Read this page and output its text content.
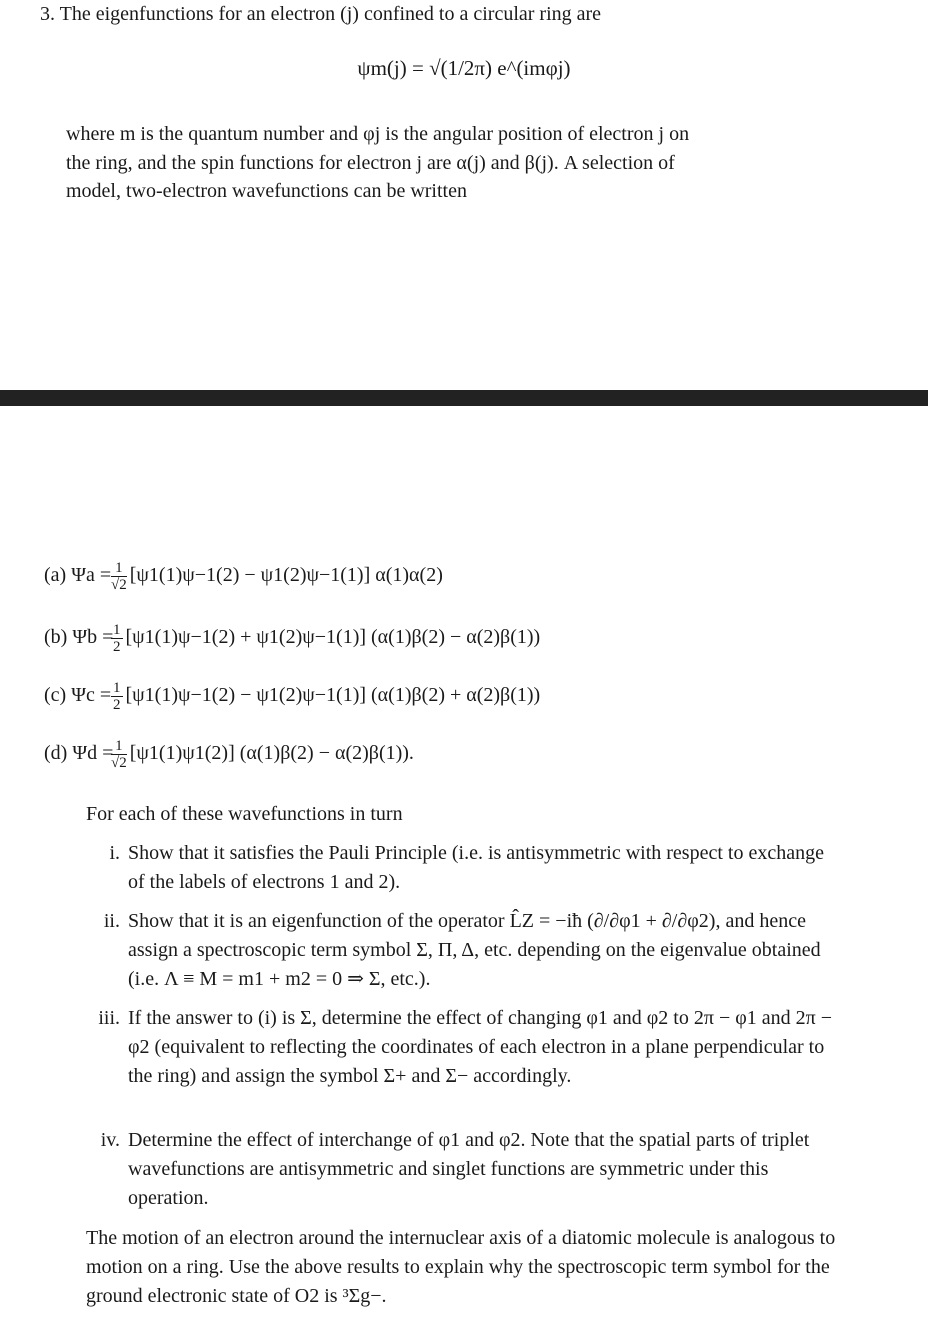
3. The eigenfunctions for an electron (j) confined to a circular ring are
ψm(j) = √(1/2π) e^(imφj)
where m is the quantum number and φj is the angular position of electron j on
the ring, and the spin functions for electron j are α(j) and β(j). A selection of
model, two-electron wavefunctions can be written
(a) $\Psi a = \frac{1}{√2} [\psi 1(1)\psi-1(2) - \psi 1(2)\psi-1(1)]$ α(1)α(2)
(b) Ψb =
$\frac{1}{2} [\psi 1(1)\psi-1(2) + \psi 1(2)\psi-1(1)] (\alpha(1)\beta(2) - \alpha(2)\beta(1))$
(c) $\Psi c = \frac{1}{2} [\psi 1(1)\psi-1(2) - \psi 1(2)\psi-1(1)] (\alpha(1)\beta(2) + \alpha(2)\beta(1))$
(d) Ψd =
$\frac{1}{√2} [\psi 1(1)\psi 1(2)] (\alpha(1)\beta(2) - \alpha(2)\beta(1))$.
For each of these wavefunctions in turn
i. Show that it satisfies the Pauli Principle (i.e. is antisymmetric with respect to exchange of the labels of electrons 1 and 2).
ii. Show that it is an eigenfunction of the operator L̂Z = −iħ (∂/∂φ1 + ∂/∂φ2), and hence assign a spectroscopic term symbol Σ, Π, Δ, etc. depending on the eigenvalue obtained (i.e. Λ ≡ M = m1 + m2 = 0 ⇒ Σ, etc.).
iii. If the answer to (i) is Σ, determine the effect of changing φ1 and φ2 to 2π − φ1 and 2π − φ2 (equivalent to reflecting the coordinates of each electron in a plane perpendicular to the ring) and assign the symbol Σ+ and Σ− accordingly.
iv. Determine the effect of interchange of φ1 and φ2. Note that the spatial parts of triplet wavefunctions are antisymmetric and singlet functions are symmetric under this operation.
The motion of an electron around the internuclear axis of a diatomic molecule is analogous to motion on a ring. Use the above results to explain why the spectroscopic term symbol for the ground electronic state of O2 is ³Σg−.
